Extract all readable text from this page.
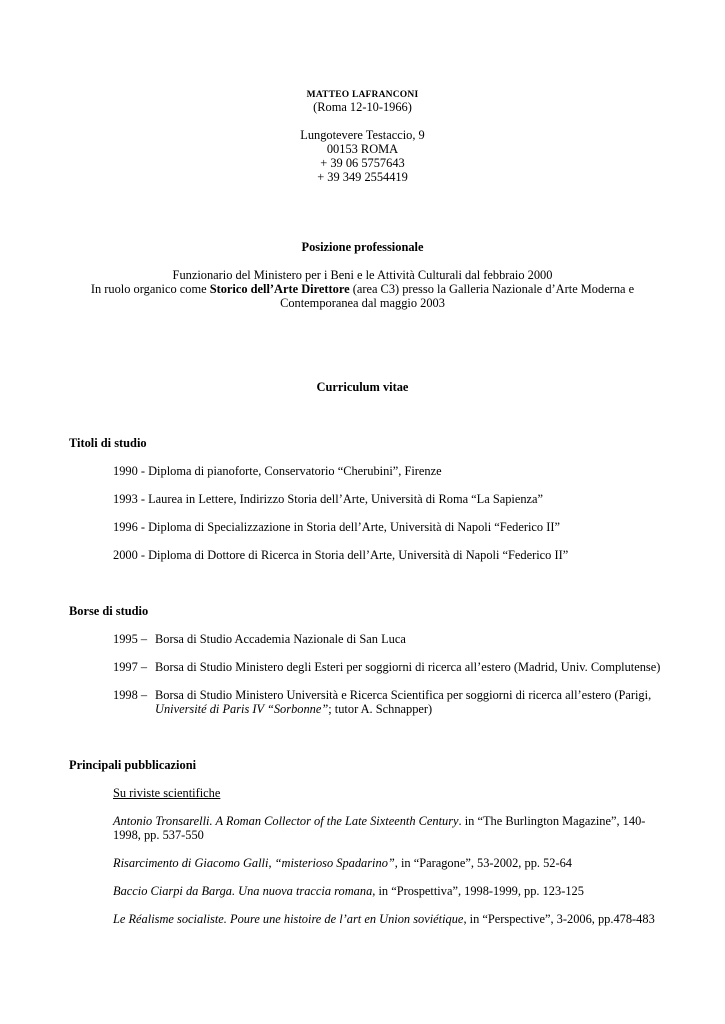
MATTEO LAFRANCONI
(Roma 12-10-1966)
Lungotevere Testaccio, 9
00153 ROMA
+ 39 06 5757643
+ 39 349 2554419
Posizione professionale
Funzionario del Ministero per i Beni e le Attività Culturali dal febbraio 2000
In ruolo organico come Storico dell’Arte Direttore (area C3) presso la Galleria Nazionale d’Arte Moderna e
Contemporanea dal maggio 2003
Curriculum vitae
Titoli di studio
1990 - Diploma di pianoforte, Conservatorio “Cherubini”, Firenze
1993 - Laurea in Lettere, Indirizzo Storia dell’Arte, Università di Roma “La Sapienza”
1996 - Diploma di Specializzazione in Storia dell’Arte, Università di Napoli “Federico II”
2000 - Diploma di Dottore di Ricerca in Storia dell’Arte, Università di Napoli “Federico II”
Borse di studio
1995 – Borsa di Studio Accademia Nazionale di San Luca
1997 – Borsa di Studio Ministero degli Esteri per soggiorni di ricerca all’estero (Madrid, Univ. Complutense)
1998 – Borsa di Studio Ministero Università e Ricerca Scientifica per soggiorni di ricerca all’estero (Parigi,
Université di Paris IV “Sorbonne”; tutor A. Schnapper)
Principali pubblicazioni
Su riviste scientifiche
Antonio Tronsarelli. A Roman Collector of the Late Sixteenth Century. in “The Burlington Magazine”, 140-
1998, pp. 537-550
Risarcimento di Giacomo Galli, “misterioso Spadarino”, in “Paragone”, 53-2002, pp. 52-64
Baccio Ciarpi da Barga. Una nuova traccia romana, in “Prospettiva”, 1998-1999, pp. 123-125
Le Réalisme socialiste. Poure une histoire de l’art en Union soviétique, in “Perspective”, 3-2006, pp.478-483
